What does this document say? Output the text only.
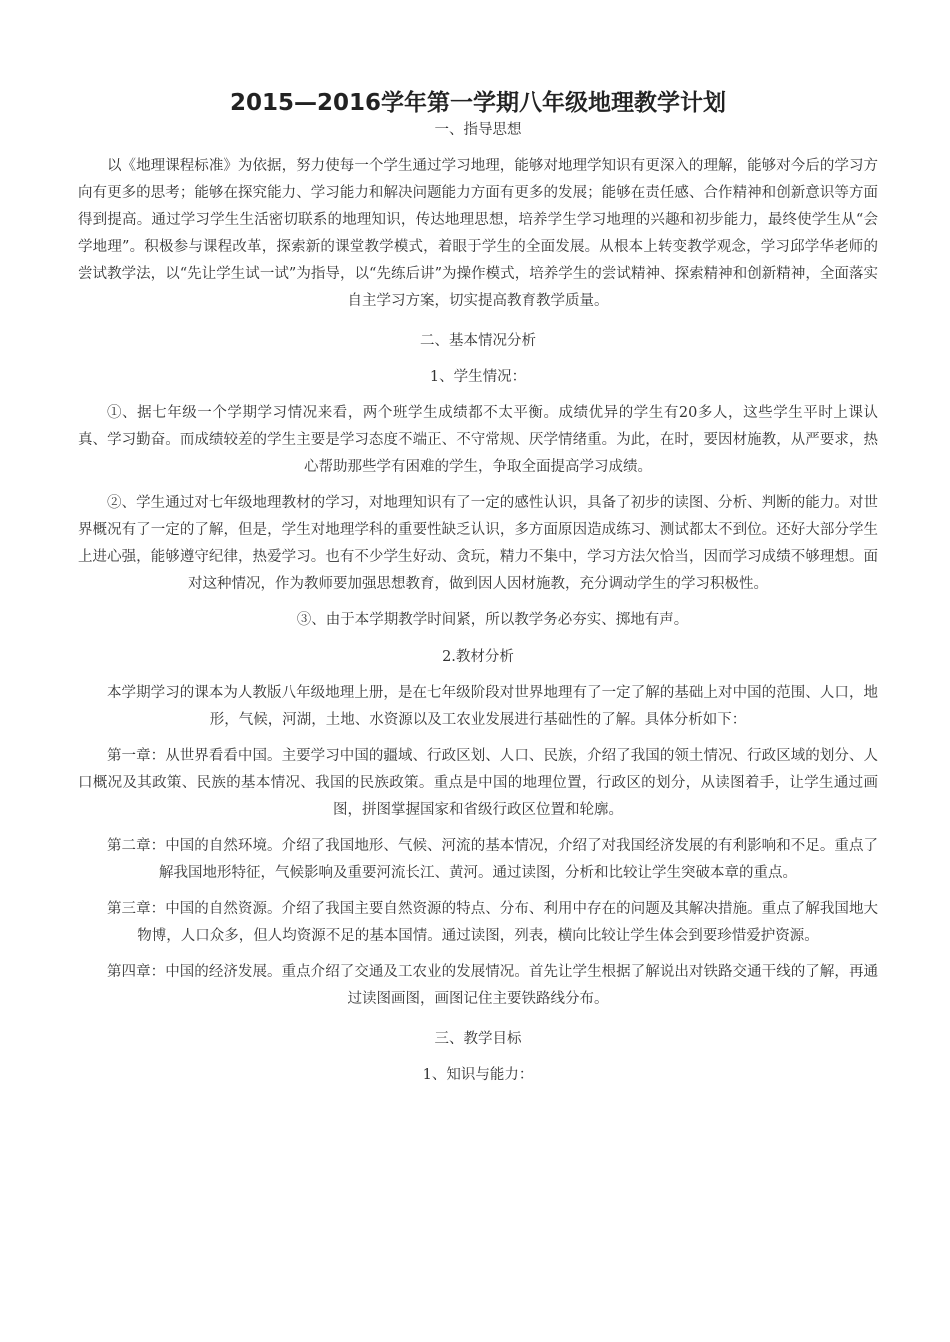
2015—2016学年第一学期八年级地理教学计划
一、指导思想

以《地理课程标准》为依据，努力使每一个学生通过学习地理，能够对地理学知识有更深入的理解，能够对今后的学习方向有更多的思考；能够在探究能力、学习能力和解决问题能力方面有更多的发展；能够在责任感、合作精神和创新意识等方面得到提高。通过学习学生生活密切联系的地理知识，传达地理思想，培养学生学习地理的兴趣和初步能力，最终使学生从“会学地理”。积极参与课程改革，探索新的课堂教学模式，着眼于学生的全面发展。从根本上转变教学观念，学习邱学华老师的尝试教学法，以“先让学生试一试”为指导，以“先练后讲”为操作模式，培养学生的尝试精神、探索精神和创新精神，全面落实自主学习方案，切实提高教育教学质量。

二、基本情况分析
1、学生情况：

①、据七年级一个学期学习情况来看，两个班学生成绩都不太平衡。成绩优异的学生有20多人，这些学生平时上课认真、学习勤奋。而成绩较差的学生主要是学习态度不端正、不守常规、厌学情绪重。为此，在时，要因材施教，从严要求，热心帮助那些学有困难的学生，争取全面提高学习成绩。

②、学生通过对七年级地理教材的学习，对地理知识有了一定的感性认识，具备了初步的读图、分析、判断的能力。对世界概况有了一定的了解，但是，学生对地理学科的重要性缺乏认识，多方面原因造成练习、测试都太不到位。还好大部分学生上进心强，能够遵守纪律，热爱学习。也有不少学生好动、贪玩，精力不集中，学习方法欠恰当，因而学习成绩不够理想。面对这种情况，作为教师要加强思想教育，做到因人因材施教，充分调动学生的学习积极性。

③、由于本学期教学时间紧，所以教学务必夯实、掷地有声。

2.教材分析

本学期学习的课本为人教版八年级地理上册，是在七年级阶段对世界地理有了一定了解的基础上对中国的范围、人口，地形，气候，河湖，土地、水资源以及工农业发展进行基础性的了解。具体分析如下：

第一章：从世界看看中国。主要学习中国的疆域、行政区划、人口、民族，介绍了我国的领土情况、行政区域的划分、人口概况及其政策、民族的基本情况、我国的民族政策。重点是中国的地理位置，行政区的划分，从读图着手，让学生通过画图，拼图掌握国家和省级行政区位置和轮廓。

第二章：中国的自然环境。介绍了我国地形、气候、河流的基本情况，介绍了对我国经济发展的有利影响和不足。重点了解我国地形特征，气候影响及重要河流长江、黄河。通过读图，分析和比较让学生突破本章的重点。

第三章：中国的自然资源。介绍了我国主要自然资源的特点、分布、利用中存在的问题及其解决措施。重点了解我国地大物博，人口众多，但人均资源不足的基本国情。通过读图，列表，横向比较让学生体会到要珍惜爱护资源。

第四章：中国的经济发展。重点介绍了交通及工农业的发展情况。首先让学生根据了解说出对铁路交通干线的了解，再通过读图画图，画图记住主要铁路线分布。

三、教学目标
1、知识与能力：
